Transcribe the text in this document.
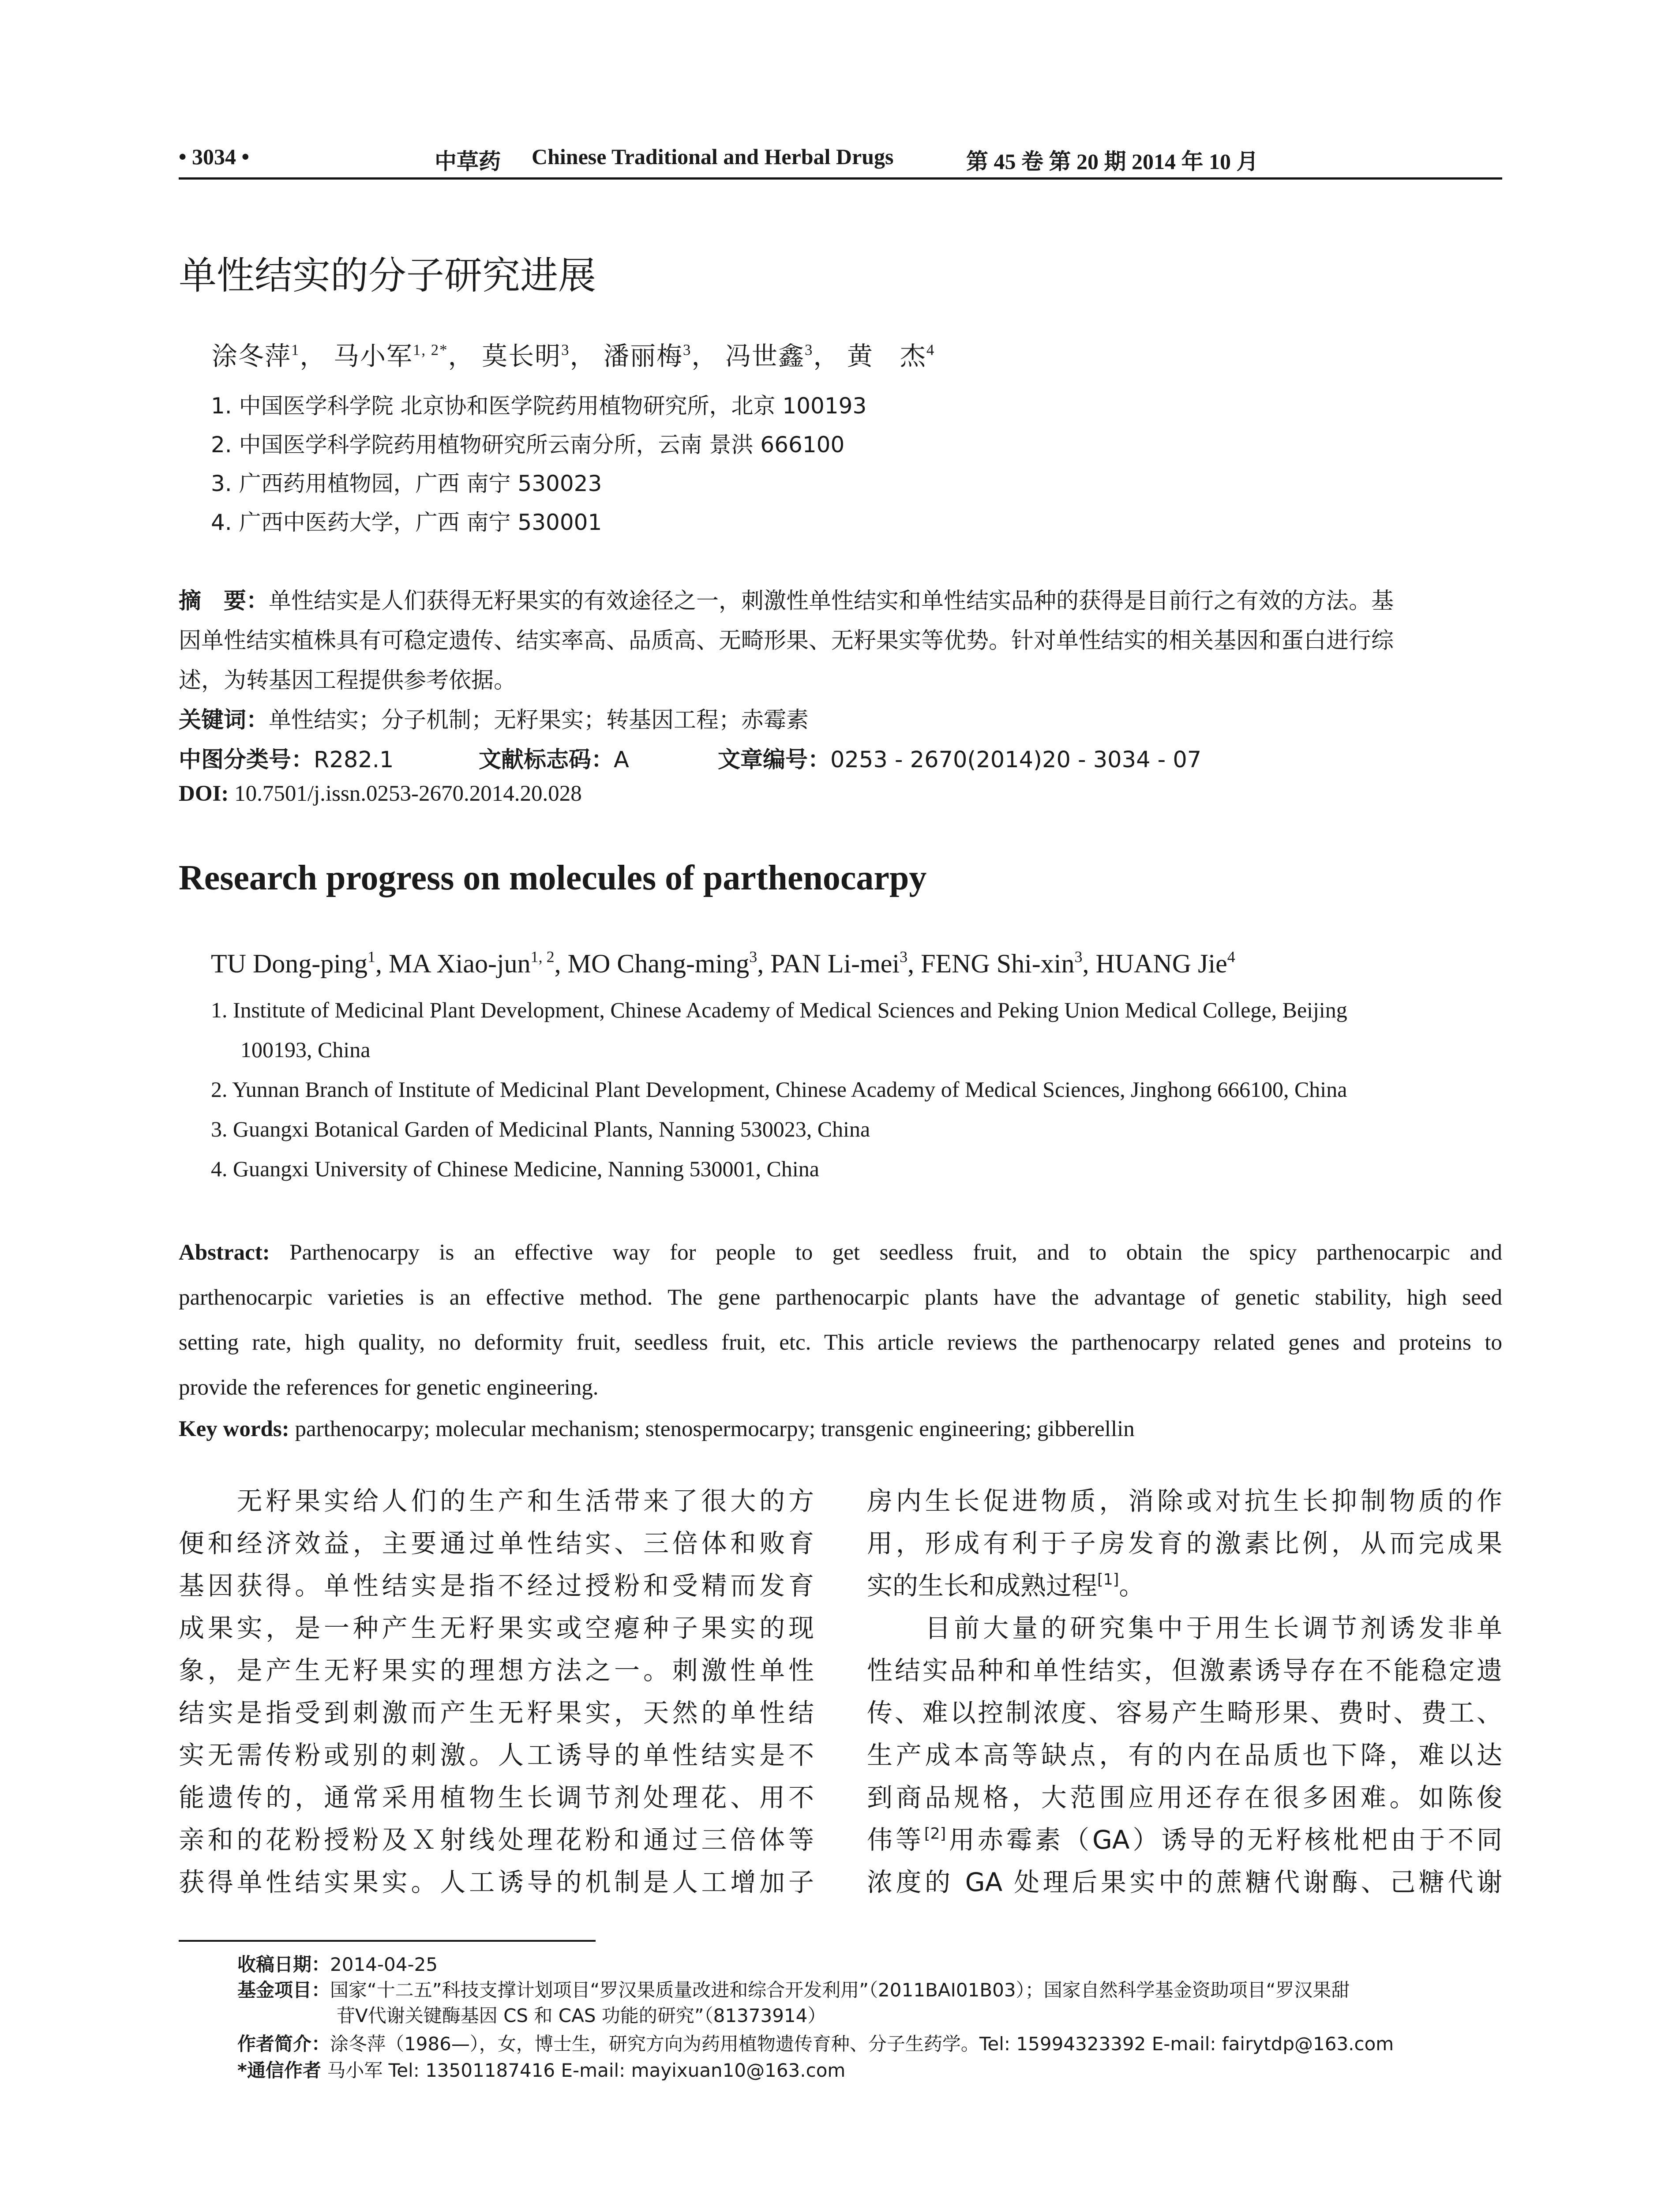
• 3034 •	中草药 Chinese Traditional and Herbal Drugs	第 45 卷 第 20 期 2014 年 10 月
单性结实的分子研究进展
涂冬萍$^1$， 马小军$^{1, 2*}$， 莫长明$^3$， 潘丽梅$^3$， 冯世鑫$^3$， 黄　杰$^4$
1. 中国医学科学院 北京协和医学院药用植物研究所，北京 100193
2. 中国医学科学院药用植物研究所云南分所，云南 景洪 666100
3. 广西药用植物园，广西 南宁 530023
4. 广西中医药大学，广西 南宁 530001
摘　要：单性结实是人们获得无籽果实的有效途径之一，刺激性单性结实和单性结实品种的获得是目前行之有效的方法。基
因单性结实植株具有可稳定遗传、结实率高、品质高、无畸形果、无籽果实等优势。针对单性结实的相关基因和蛋白进行综
述，为转基因工程提供参考依据。
关键词：单性结实；分子机制；无籽果实；转基因工程；赤霉素
中图分类号：R282.1	文献标志码：A	文章编号：0253 - 2670(2014)20 - 3034 - 07
DOI: 10.7501/j.issn.0253-2670.2014.20.028
Research progress on molecules of parthenocarpy
TU Dong-ping$^1$, MA Xiao-jun$^{1, 2}$, MO Chang-ming$^3$, PAN Li-mei$^3$, FENG Shi-xin$^3$, HUANG Jie$^4$
1. Institute of Medicinal Plant Development, Chinese Academy of Medical Sciences and Peking Union Medical College, Beijing
100193, China
2. Yunnan Branch of Institute of Medicinal Plant Development, Chinese Academy of Medical Sciences, Jinghong 666100, China
3. Guangxi Botanical Garden of Medicinal Plants, Nanning 530023, China
4. Guangxi University of Chinese Medicine, Nanning 530001, China
Abstract: Parthenocarpy is an effective way for people to get seedless fruit, and to obtain the spicy parthenocarpic and
parthenocarpic varieties is an effective method. The gene parthenocarpic plants have the advantage of genetic stability, high seed
setting rate, high quality, no deformity fruit, seedless fruit, etc. This article reviews the parthenocarpy related genes and proteins to
provide the references for genetic engineering.
Key words: parthenocarpy; molecular mechanism; stenospermocarpy; transgenic engineering; gibberellin
　　无籽果实给人们的生产和生活带来了很大的方
便和经济效益，主要通过单性结实、三倍体和败育
基因获得。单性结实是指不经过授粉和受精而发育
成果实，是一种产生无籽果实或空瘪种子果实的现
象，是产生无籽果实的理想方法之一。刺激性单性
结实是指受到刺激而产生无籽果实，天然的单性结
实无需传粉或别的刺激。人工诱导的单性结实是不
能遗传的，通常采用植物生长调节剂处理花、用不
亲和的花粉授粉及Ｘ射线处理花粉和通过三倍体等
获得单性结实果实。人工诱导的机制是人工增加子
房内生长促进物质，消除或对抗生长抑制物质的作
用，形成有利于子房发育的激素比例，从而完成果
实的生长和成熟过程[1]。
　　目前大量的研究集中于用生长调节剂诱发非单
性结实品种和单性结实，但激素诱导存在不能稳定遗
传、难以控制浓度、容易产生畸形果、费时、费工、
生产成本高等缺点，有的内在品质也下降，难以达
到商品规格，大范围应用还存在很多困难。如陈俊
伟等[2]用赤霉素（GA）诱导的无籽核枇杷由于不同
浓度的 GA 处理后果实中的蔗糖代谢酶、己糖代谢
收稿日期：2014-04-25
基金项目：国家“十二五”科技支撑计划项目“罗汉果质量改进和综合开发利用”（2011BAI01B03）；国家自然科学基金资助项目“罗汉果甜
苷Ⅴ代谢关键酶基因 CS 和 CAS 功能的研究”（81373914）
作者简介：涂冬萍（1986—），女，博士生，研究方向为药用植物遗传育种、分子生药学。Tel: 15994323392 E-mail: fairytdp@163.com
*通信作者 马小军 Tel: 13501187416 E-mail: mayixuan10@163.com
